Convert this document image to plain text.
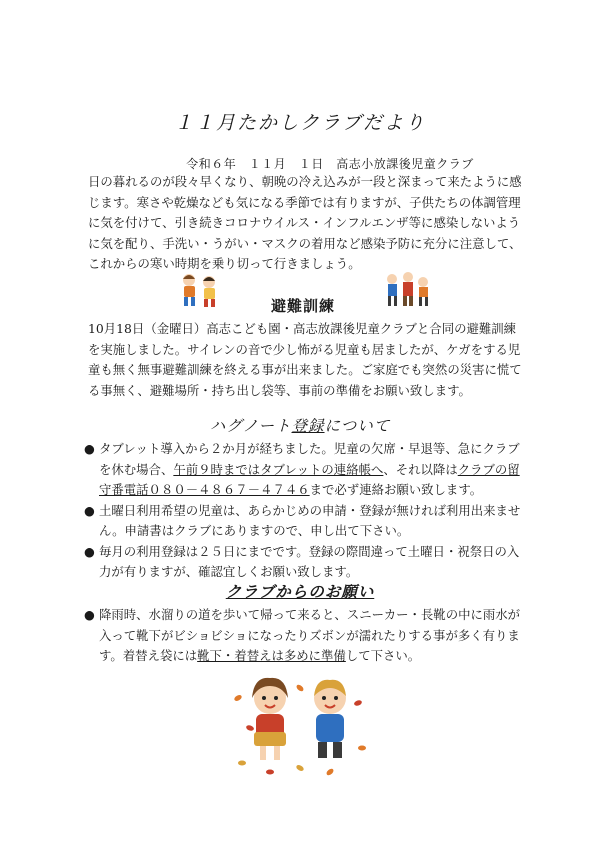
１１月たかしクラブだより
令和６年　１１月　１日　高志小放課後児童クラブ

日の暮れるのが段々早くなり、朝晩の冷え込みが一段と深まって来たように感じます。寒さや乾燥なども気になる季節では有りますが、子供たちの体調管理に気を付けて、引き続きコロナウイルス・インフルエンザ等に感染しないように気を配り、手洗い・うがい・マスクの着用など感染予防に充分に注意して、これからの寒い時期を乗り切って行きましょう。

避難訓練

10月18日（金曜日）高志こども園・高志放課後児童クラブと合同の避難訓練を実施しました。サイレンの音で少し怖がる児童も居ましたが、ケガをする児童も無く無事避難訓練を終える事が出来ました。ご家庭でも突然の災害に慌てる事無く、避難場所・持ち出し袋等、事前の準備をお願い致します。

ハグノート登録について
● タブレット導入から２か月が経ちました。児童の欠席・早退等、急にクラブを休む場合、午前９時まではタブレットの連絡帳へ、それ以降はクラブの留守番電話０８０－４８６７－４７４６まで必ず連絡お願い致します。
● 土曜日利用希望の児童は、あらかじめの申請・登録が無ければ利用出来ません。申請書はクラブにありますので、申し出て下さい。
● 毎月の利用登録は２５日にまでです。登録の際間違って土曜日・祝祭日の入力が有りますが、確認宜しくお願い致します。
クラブからのお願い
● 降雨時、水溜りの道を歩いて帰って来ると、スニーカー・長靴の中に雨水が入って靴下がビショビショになったりズボンが濡れたりする事が多く有ります。着替え袋には靴下・着替えは多めに準備して下さい。
